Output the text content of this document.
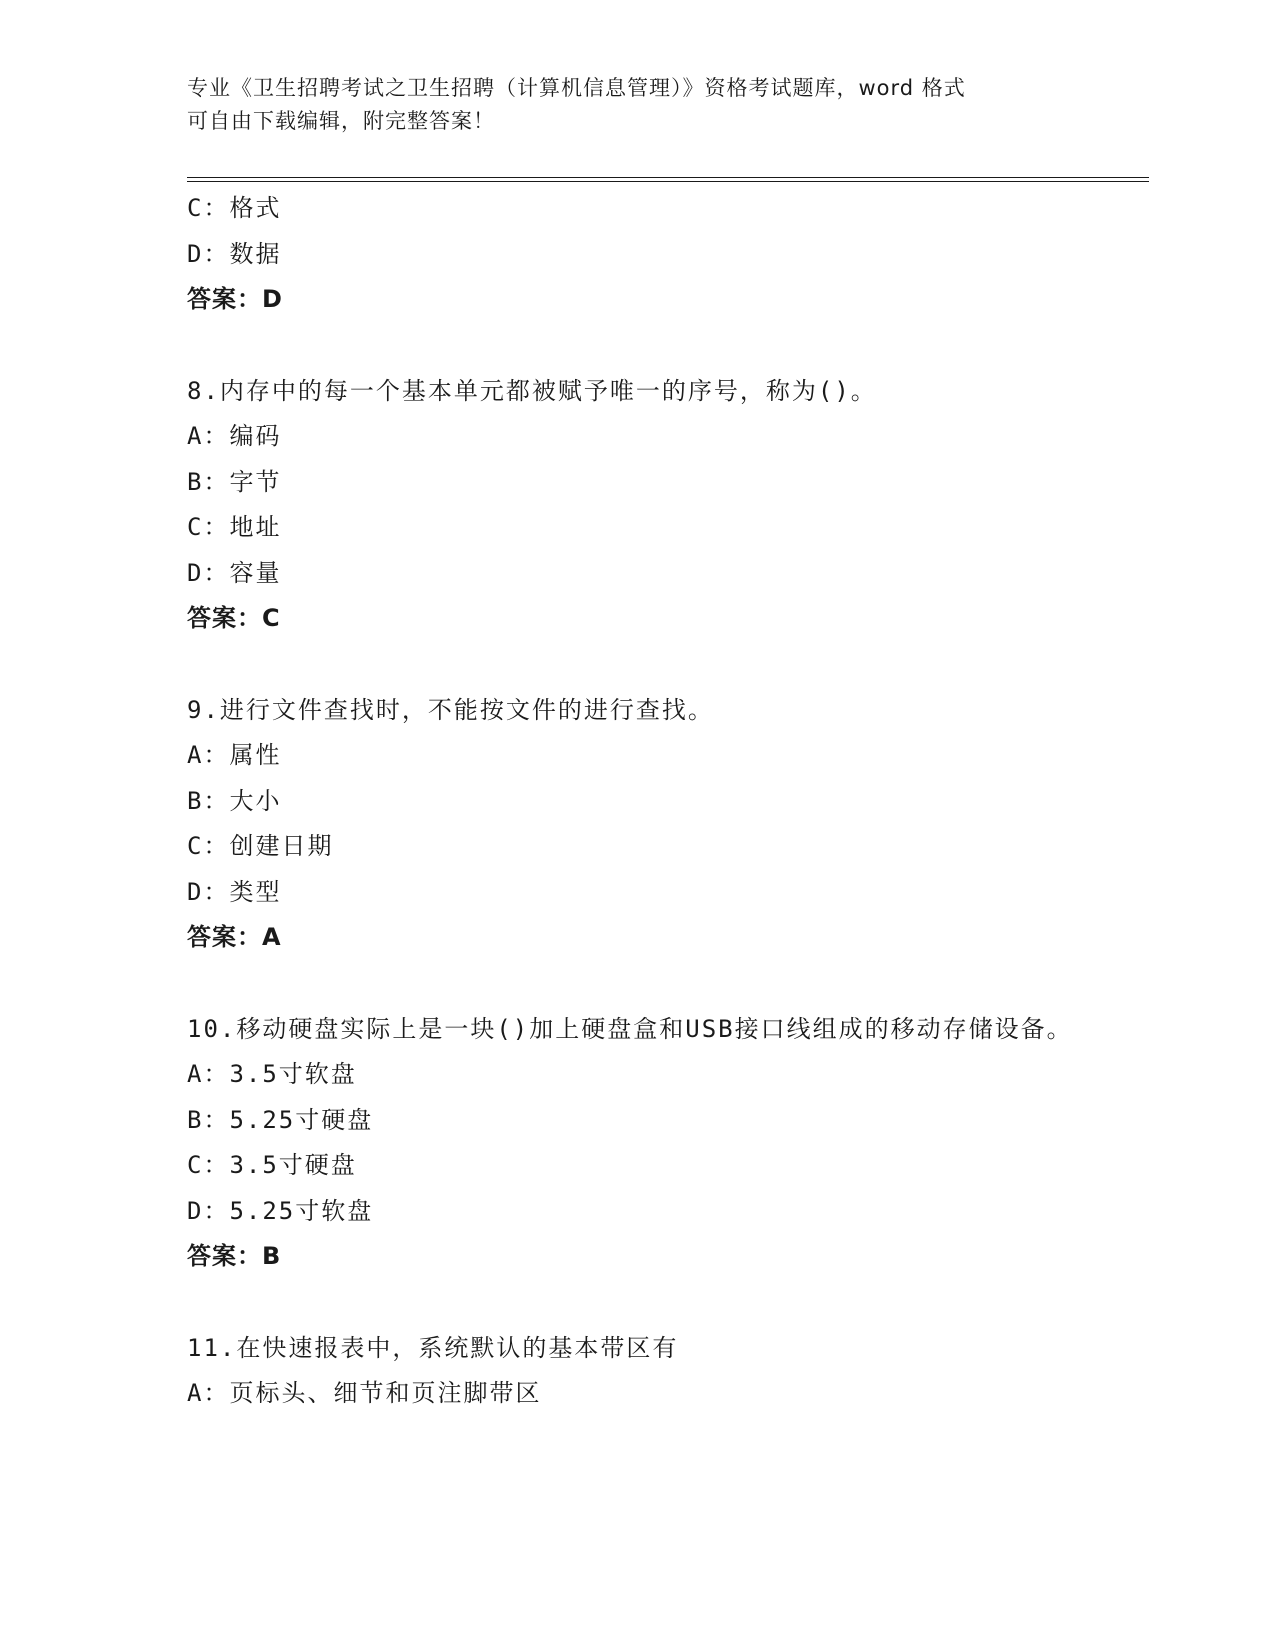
专业《卫生招聘考试之卫生招聘（计算机信息管理）》资格考试题库，word 格式
可自由下载编辑，附完整答案！
C：格式
D：数据
答案：D
8.内存中的每一个基本单元都被赋予唯一的序号，称为()。
A：编码
B：字节
C：地址
D：容量
答案：C
9.进行文件查找时，不能按文件的进行查找。
A：属性
B：大小
C：创建日期
D：类型
答案：A
10.移动硬盘实际上是一块()加上硬盘盒和USB接口线组成的移动存储设备。
A：3.5寸软盘
B：5.25寸硬盘
C：3.5寸硬盘
D：5.25寸软盘
答案：B
11.在快速报表中，系统默认的基本带区有
A：页标头、细节和页注脚带区
